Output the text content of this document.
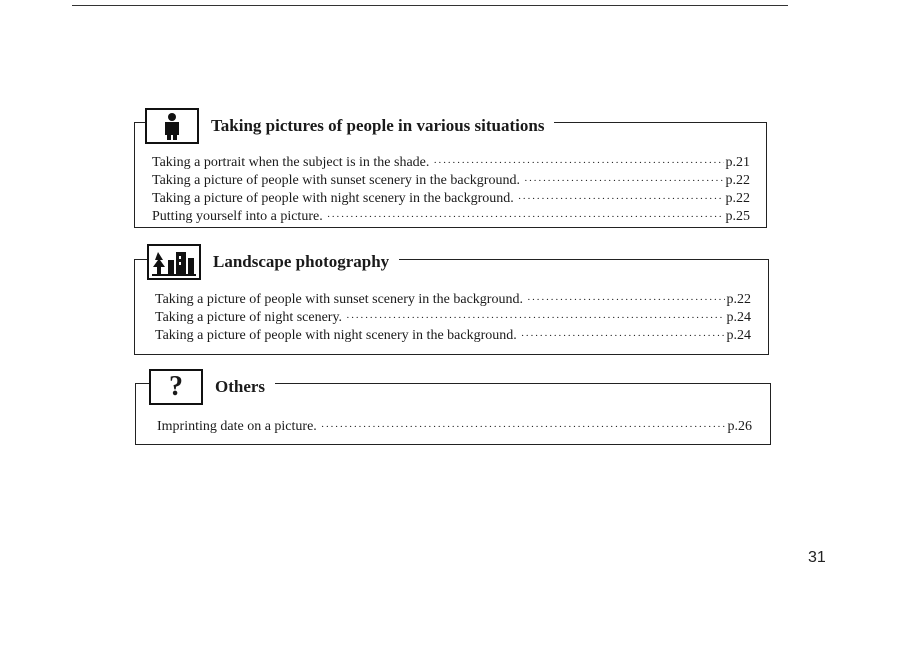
Taking pictures of people in various situations
Taking a portrait when the subject is in the shade. ·····	p.21
Taking a picture of people with sunset scenery in the background. ·····	p.22
Taking a picture of people with night scenery in the background. ·····	p.22
Putting yourself into a picture. ·····	p.25
Landscape photography
Taking a picture of people with sunset scenery in the background. ·····	p.22
Taking a picture of night scenery. ·····	p.24
Taking a picture of people with night scenery in the background. ·····	p.24
? Others
Imprinting date on a picture. ·····	p.26
31
